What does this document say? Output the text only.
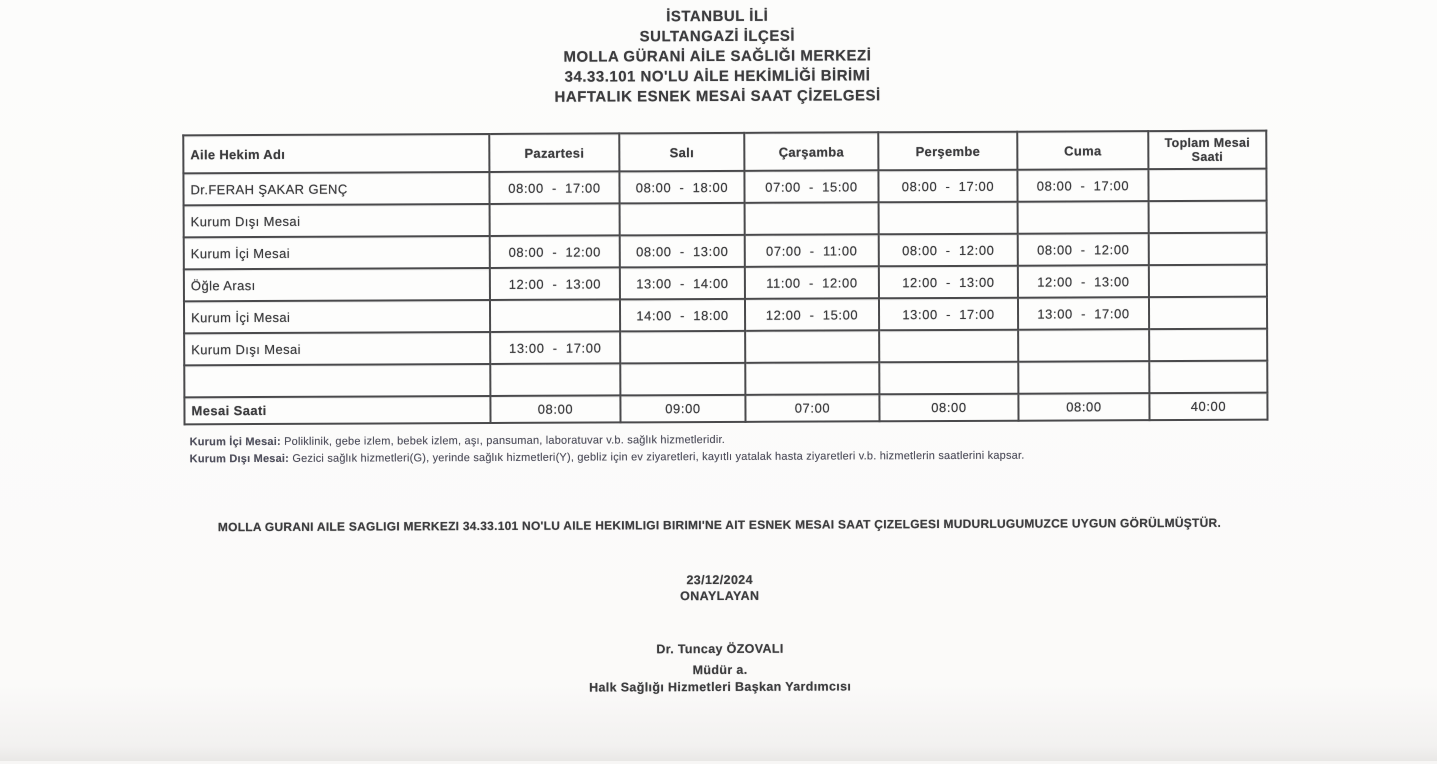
İSTANBUL İLİ
SULTANGAZİ İLÇESİ
MOLLA GÜRANİ AİLE SAĞLIĞI MERKEZİ
34.33.101 NO'LU AİLE HEKİMLİĞİ BİRİMİ
HAFTALIK ESNEK MESAİ SAAT ÇİZELGESİ
Aile Hekim Adı	Pazartesi	Salı	Çarşamba	Perşembe	Cuma	Toplam Mesai Saati
Dr.FERAH ŞAKAR GENÇ	08:00 - 17:00	08:00 - 18:00	07:00 - 15:00	08:00 - 17:00	08:00 - 17:00	
Kurum Dışı Mesai						
Kurum İçi Mesai	08:00 - 12:00	08:00 - 13:00	07:00 - 11:00	08:00 - 12:00	08:00 - 12:00	
Öğle Arası	12:00 - 13:00	13:00 - 14:00	11:00 - 12:00	12:00 - 13:00	12:00 - 13:00	
Kurum İçi Mesai		14:00 - 18:00	12:00 - 15:00	13:00 - 17:00	13:00 - 17:00	
Kurum Dışı Mesai	13:00 - 17:00					

Mesai Saati	08:00	09:00	07:00	08:00	08:00	40:00
Kurum İçi Mesai: Poliklinik, gebe izlem, bebek izlem, aşı, pansuman, laboratuvar v.b. sağlık hizmetleridir.
Kurum Dışı Mesai: Gezici sağlık hizmetleri(G), yerinde sağlık hizmetleri(Y), gebliz için ev ziyaretleri, kayıtlı yatalak hasta ziyaretleri v.b. hizmetlerin saatlerini kapsar.
MOLLA GURANI AILE SAGLIGI MERKEZI 34.33.101 NO'LU AILE HEKIMLIGI BIRIMI'NE AIT ESNEK MESAI SAAT ÇIZELGESI MUDURLUGUMUZCE UYGUN GÖRÜLMÜŞTÜR.
23/12/2024
ONAYLAYAN
Dr. Tuncay ÖZOVALI
Müdür a.
Halk Sağlığı Hizmetleri Başkan Yardımcısı
